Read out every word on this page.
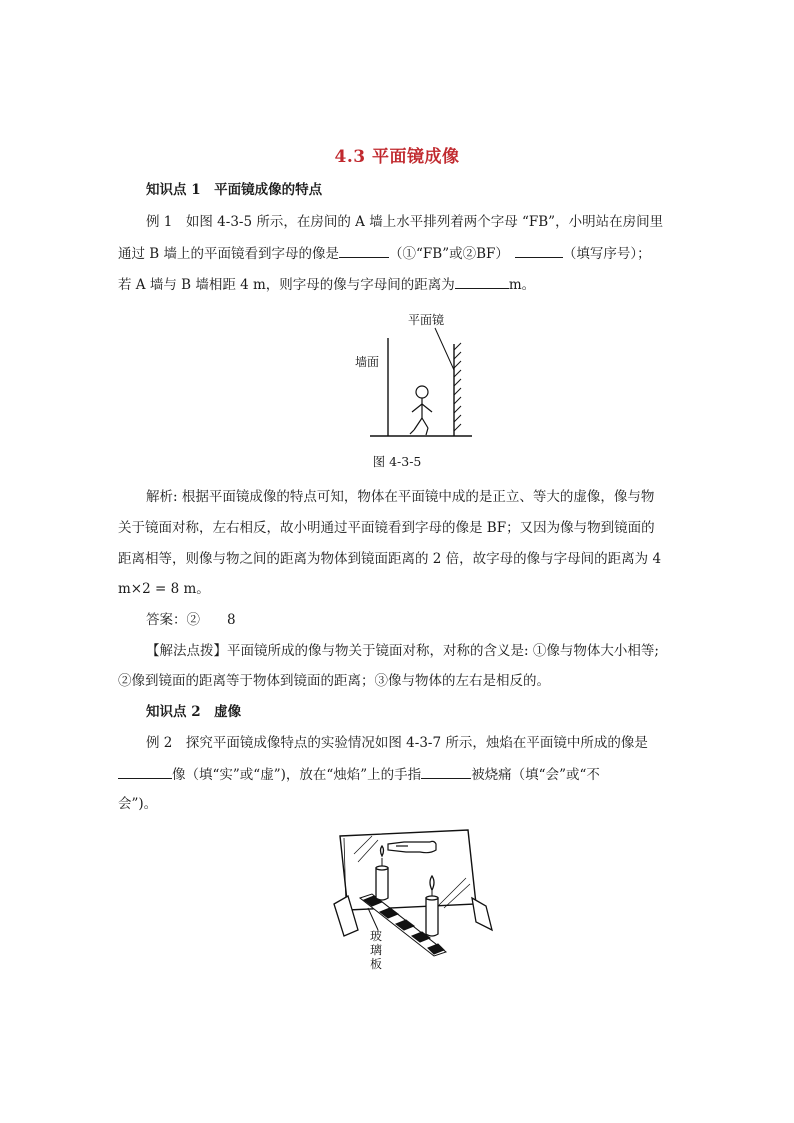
4.3 平面镜成像
知识点 1　平面镜成像的特点
例 1　 如图 4-3-5 所示，在房间的 A 墙上水平排列着两个字母 “FB”，小明站在房间里
通过 B 墙上的平面镜看到字母的像是	（①“FB”或②BF）	（填写序号）；
若 A 墙与 B 墙相距 4 m，则字母的像与字母间的距离为	m。
平面镜
墙面
图 4-3-5
解析: 根据平面镜成像的特点可知，物体在平面镜中成的是正立、等大的虚像，像与物
关于镜面对称，左右相反，故小明通过平面镜看到字母的像是 BF；又因为像与物到镜面的
距离相等，则像与物之间的距离为物体到镜面距离的 2 倍，故字母的像与字母间的距离为 4
m×2 = 8 m。
答案：②　　8
【解法点拨】平面镜所成的像与物关于镜面对称，对称的含义是: ①像与物体大小相等;
②像到镜面的距离等于物体到镜面的距离；③像与物体的左右是相反的。
知识点 2　虚像
例 2　探究平面镜成像特点的实验情况如图 4-3-7 所示，烛焰在平面镜中所成的像是
像（填“实”或“虚”)，放在“烛焰”上的手指	被烧痛（填“会”或“不
会”)。
玻
璃
板
